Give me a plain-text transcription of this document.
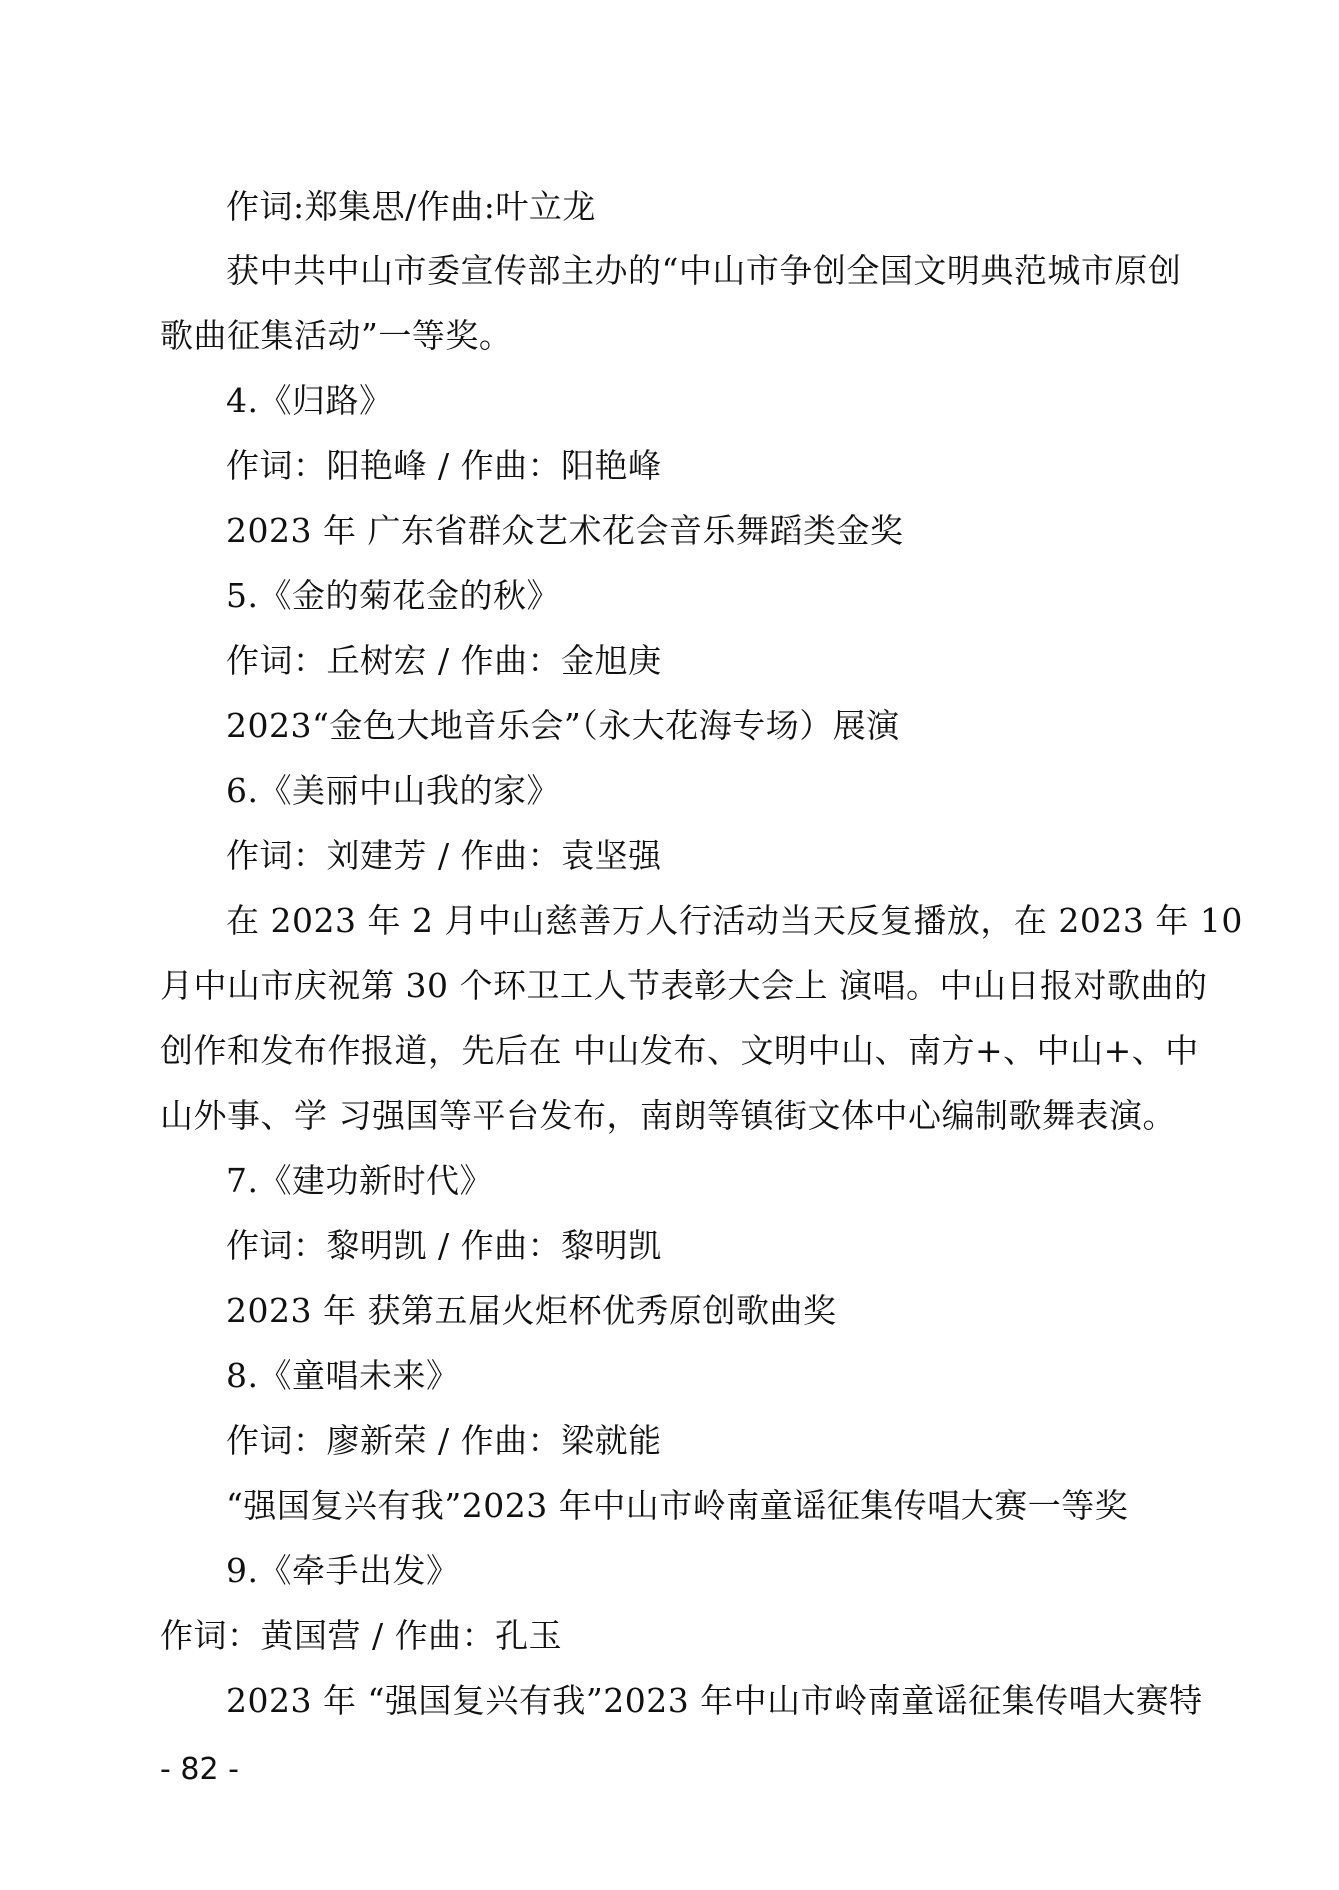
作词:郑集思/作曲:叶立龙
获中共中山市委宣传部主办的“中山市争创全国文明典范城市原创
歌曲征集活动”一等奖。
4.《归路》
作词：阳艳峰 / 作曲：阳艳峰
2023 年 广东省群众艺术花会音乐舞蹈类金奖
5.《金的菊花金的秋》
作词：丘树宏 / 作曲：金旭庚
2023“金色大地音乐会”（永大花海专场）展演
6.《美丽中山我的家》
作词：刘建芳 / 作曲：袁坚强
在 2023 年 2 月中山慈善万人行活动当天反复播放，在 2023 年 10
月中山市庆祝第 30 个环卫工人节表彰大会上 演唱。中山日报对歌曲的
创作和发布作报道，先后在 中山发布、文明中山、南方+、中山+、中
山外事、学 习强国等平台发布，南朗等镇街文体中心编制歌舞表演。
7.《建功新时代》
作词：黎明凯 / 作曲：黎明凯
2023 年 获第五届火炬杯优秀原创歌曲奖
8.《童唱未来》
作词：廖新荣 / 作曲：梁就能
“强国复兴有我”2023 年中山市岭南童谣征集传唱大赛一等奖
9.《牵手出发》
作词：黄国营 / 作曲：孔玉
2023 年 “强国复兴有我”2023 年中山市岭南童谣征集传唱大赛特
- 82 -
